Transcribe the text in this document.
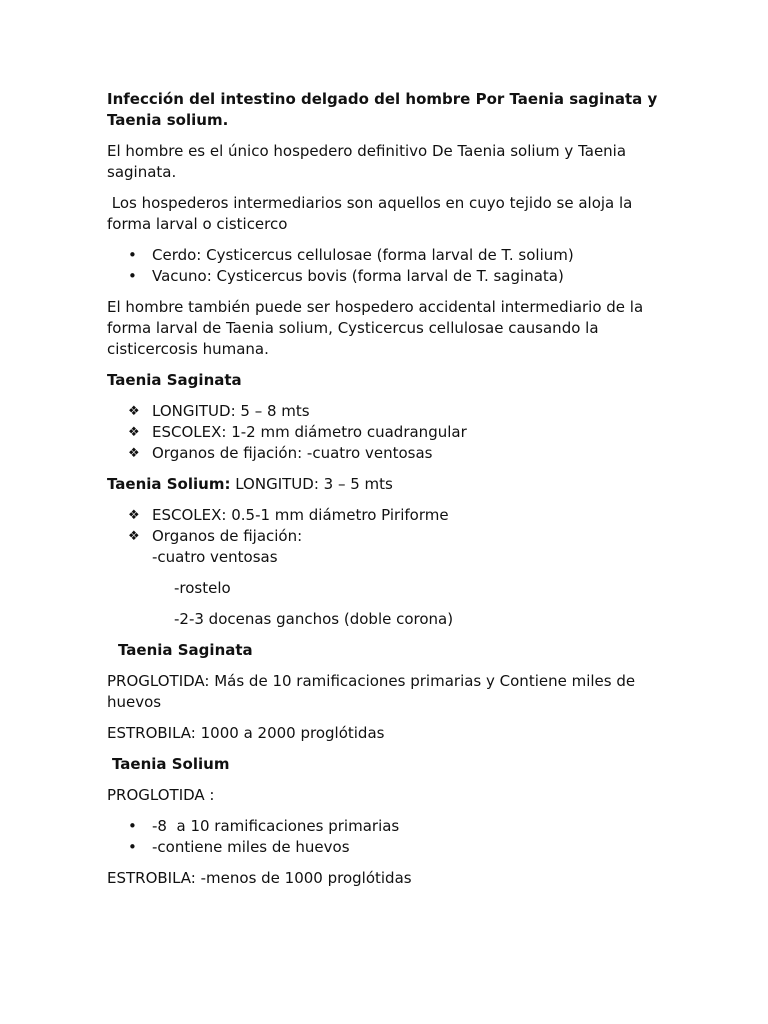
Infección del intestino delgado del hombre Por Taenia saginata y Taenia solium.

El hombre es el único hospedero definitivo De Taenia solium y Taenia saginata.

Los hospederos intermediarios son aquellos en cuyo tejido se aloja la forma larval o cisticerco

•	Cerdo: Cysticercus cellulosae (forma larval de T. solium)
•	Vacuno: Cysticercus bovis (forma larval de T. saginata)

El hombre también puede ser hospedero accidental intermediario de la forma larval de Taenia solium, Cysticercus cellulosae causando la cisticercosis humana.

Taenia Saginata

❖ LONGITUD: 5 – 8 mts
❖ ESCOLEX: 1-2 mm diámetro cuadrangular
❖ Organos de fijación: -cuatro ventosas

Taenia Solium: LONGITUD: 3 – 5 mts

❖ ESCOLEX: 0.5-1 mm diámetro Piriforme
❖ Organos de fijación:
-cuatro ventosas

-rostelo

-2-3 docenas ganchos (doble corona)

Taenia Saginata

PROGLOTIDA: Más de 10 ramificaciones primarias y Contiene miles de huevos

ESTROBILA: 1000 a 2000 proglótidas

Taenia Solium

PROGLOTIDA :

•	-8  a 10 ramificaciones primarias
•	-contiene miles de huevos

ESTROBILA: -menos de 1000 proglótidas
